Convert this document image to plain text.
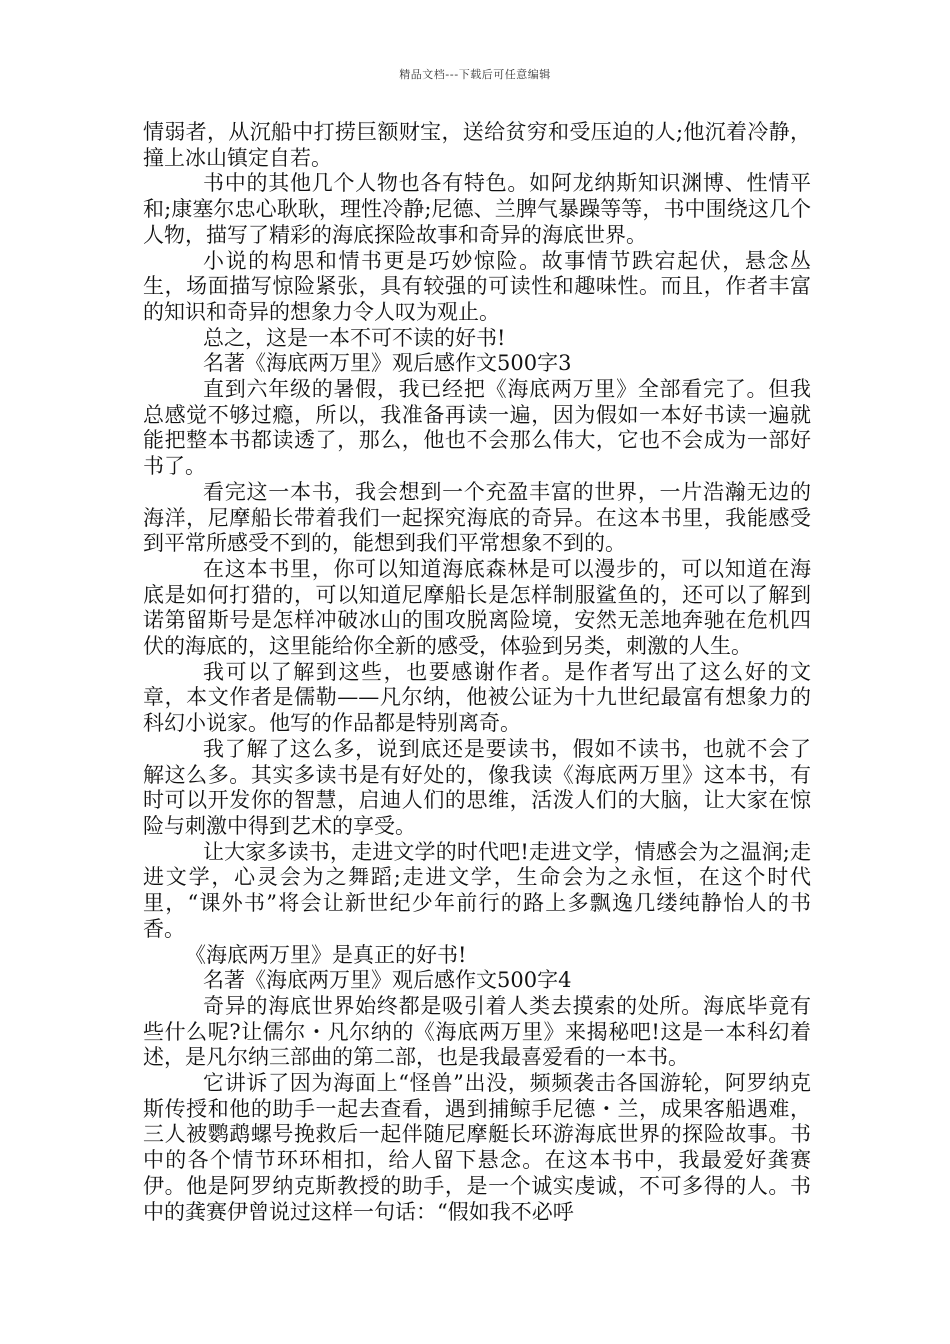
精品文档---下载后可任意编辑

情弱者，从沉船中打捞巨额财宝，送给贫穷和受压迫的人;他沉着冷静，撞上冰山镇定自若。

书中的其他几个人物也各有特色。如阿龙纳斯知识渊博、性情平和;康塞尔忠心耿耿，理性冷静;尼德、兰脾气暴躁等等，书中围绕这几个人物，描写了精彩的海底探险故事和奇异的海底世界。

小说的构思和情书更是巧妙惊险。故事情节跌宕起伏，悬念丛生，场面描写惊险紧张，具有较强的可读性和趣味性。而且，作者丰富的知识和奇异的想象力令人叹为观止。

总之，这是一本不可不读的好书!

名著《海底两万里》观后感作文500字3

直到六年级的暑假，我已经把《海底两万里》全部看完了。但我总感觉不够过瘾，所以，我准备再读一遍，因为假如一本好书读一遍就能把整本书都读透了，那么，他也不会那么伟大，它也不会成为一部好书了。

看完这一本书，我会想到一个充盈丰富的世界，一片浩瀚无边的海洋，尼摩船长带着我们一起探究海底的奇异。在这本书里，我能感受到平常所感受不到的，能想到我们平常想象不到的。

在这本书里，你可以知道海底森林是可以漫步的，可以知道在海底是如何打猎的，可以知道尼摩船长是怎样制服鲨鱼的，还可以了解到诺第留斯号是怎样冲破冰山的围攻脱离险境，安然无恙地奔驰在危机四伏的海底的，这里能给你全新的感受，体验到另类，刺激的人生。

我可以了解到这些，也要感谢作者。是作者写出了这么好的文章，本文作者是儒勒——凡尔纳，他被公证为十九世纪最富有想象力的科幻小说家。他写的作品都是特别离奇。

我了解了这么多，说到底还是要读书，假如不读书，也就不会了解这么多。其实多读书是有好处的，像我读《海底两万里》这本书，有时可以开发你的智慧，启迪人们的思维，活泼人们的大脑，让大家在惊险与刺激中得到艺术的享受。

让大家多读书，走进文学的时代吧!走进文学，情感会为之温润;走进文学，心灵会为之舞蹈;走进文学，生命会为之永恒，在这个时代里，“课外书”将会让新世纪少年前行的路上多飘逸几缕纯静怡人的书香。

《海底两万里》是真正的好书!

名著《海底两万里》观后感作文500字4

奇异的海底世界始终都是吸引着人类去摸索的处所。海底毕竟有些什么呢?让儒尔・凡尔纳的《海底两万里》来揭秘吧!这是一本科幻着述，是凡尔纳三部曲的第二部，也是我最喜爱看的一本书。

它讲诉了因为海面上“怪兽”出没，频频袭击各国游轮，阿罗纳克斯传授和他的助手一起去查看，遇到捕鲸手尼德・兰，成果客船遇难，三人被鹦鹉螺号挽救后一起伴随尼摩艇长环游海底世界的探险故事。书中的各个情节环环相扣，给人留下悬念。在这本书中，我最爱好龚赛伊。他是阿罗纳克斯教授的助手，是一个诚实虔诚，不可多得的人。书中的龚赛伊曾说过这样一句话：“假如我不必呼
